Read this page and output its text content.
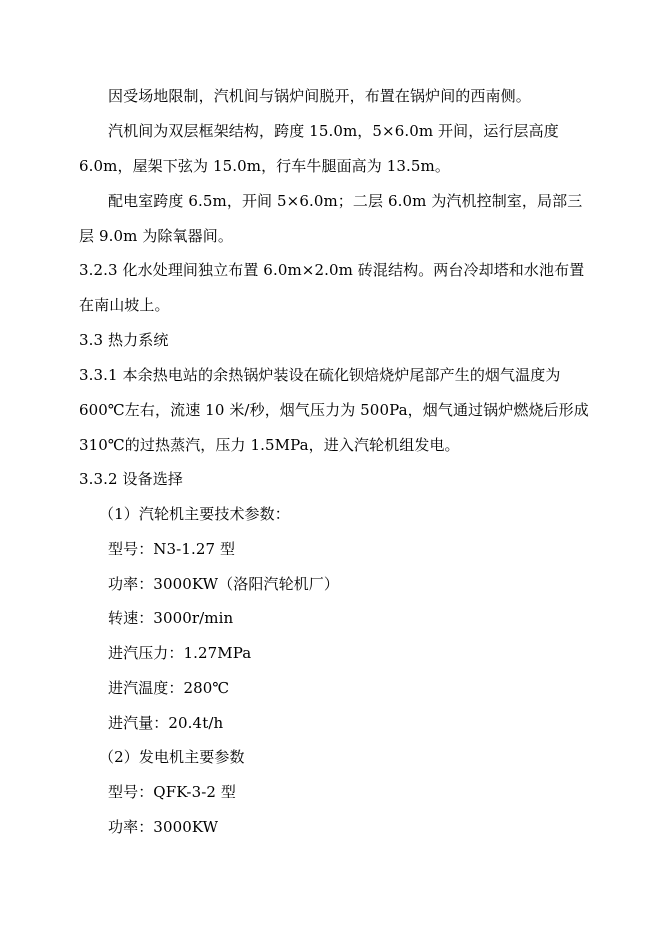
因受场地限制，汽机间与锅炉间脱开，布置在锅炉间的西南侧。
汽机间为双层框架结构，跨度 15.0m，5×6.0m 开间，运行层高度
6.0m，屋架下弦为 15.0m，行车牛腿面高为 13.5m。
配电室跨度 6.5m，开间 5×6.0m；二层 6.0m 为汽机控制室，局部三
层 9.0m 为除氧器间。
3.2.3 化水处理间独立布置 6.0m×2.0m 砖混结构。两台冷却塔和水池布置
在南山坡上。
3.3 热力系统
3.3.1 本余热电站的余热锅炉装设在硫化钡焙烧炉尾部产生的烟气温度为
600℃左右，流速 10 米/秒，烟气压力为 500Pa，烟气通过锅炉燃烧后形成
310℃的过热蒸汽，压力 1.5MPa，进入汽轮机组发电。
3.3.2 设备选择
（1）汽轮机主要技术参数：
型号：N3-1.27 型
功率：3000KW（洛阳汽轮机厂）
转速：3000r/min
进汽压力：1.27MPa
进汽温度：280℃
进汽量：20.4t/h
（2）发电机主要参数
型号：QFK-3-2 型
功率：3000KW
